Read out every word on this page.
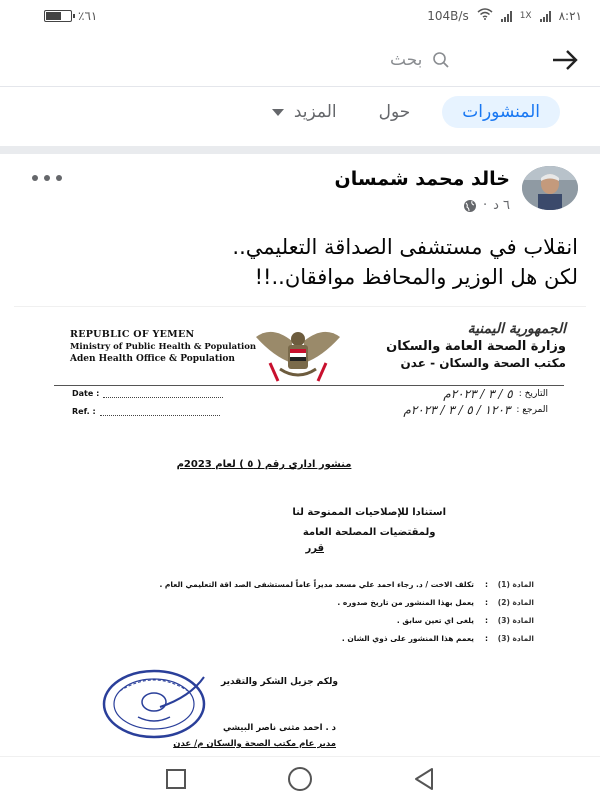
٪٦١	104B/s	1X ٨:٢١
بحث
المنشورات
حول
المزيد
خالد محمد شمسان
٦ د
·
انقلاب في مستشفى الصداقة التعليمي..
لكن هل الوزير والمحافظ موافقان..!!
REPUBLIC OF YEMEN
Ministry of Public Health & Population
Aden Health Office & Population
الجمهورية اليمنية
وزارة الصحة العامة والسكان
مكتب الصحة والسكان - عدن
Date :
Ref. :
التاريخ :
٥ / ٣ / ٢٠٢٣م
المرجع :
١٢٠٣ / ٥ / ٣ / ٢٠٢٣م
منشور اداري رقم ( ٥ ) لعام 2023م
استنادا للإصلاحيات الممنوحة لنا
ولمقتضيات المصلحة العامة
قرر
المادة (1)
:
تكلف الاخت / د. رجاء احمد علي مسعد مديراً عاماً لمستشفى الصد اقة التعليمي العام .
المادة (2)
:
يعمل بهذا المنشور من تاريخ صدوره .
المادة (3)
:
يلغى اي تعين سابق .
المادة (3)
:
يعمم هذا المنشور على ذوي الشان .
ولكم جزيل الشكر والتقدير
د . احمد مثنى ناصر البيشي
مدير عام مكتب الصحة والسكان م/ عدن
